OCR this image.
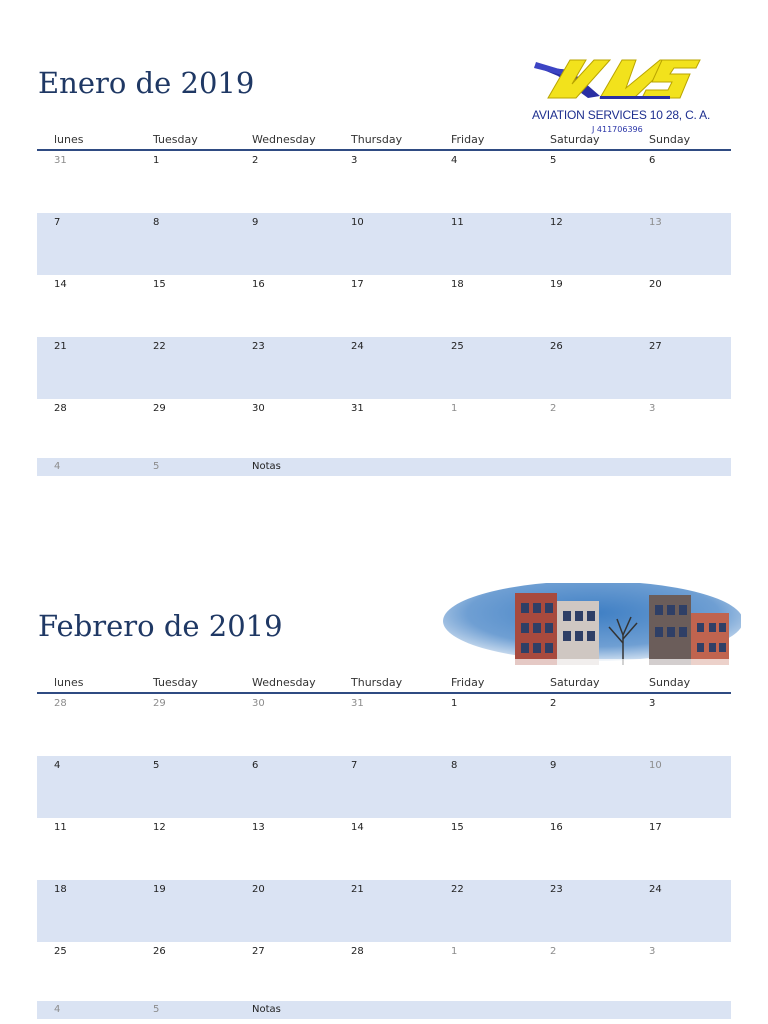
Enero de 2019
AVIATION SERVICES 10 28, C. A.
J 411706396
lunes	Tuesday	Wednesday	Thursday	Friday	Saturday	Sunday
31	1	2	3	4	5	6
7	8	9	10	11	12	13
14	15	16	17	18	19	20
21	22	23	24	25	26	27
28	29	30	31	1	2	3
4	5	Notas
Febrero de 2019
lunes	Tuesday	Wednesday	Thursday	Friday	Saturday	Sunday
28	29	30	31	1	2	3
4	5	6	7	8	9	10
11	12	13	14	15	16	17
18	19	20	21	22	23	24
25	26	27	28	1	2	3
4	5	Notas
